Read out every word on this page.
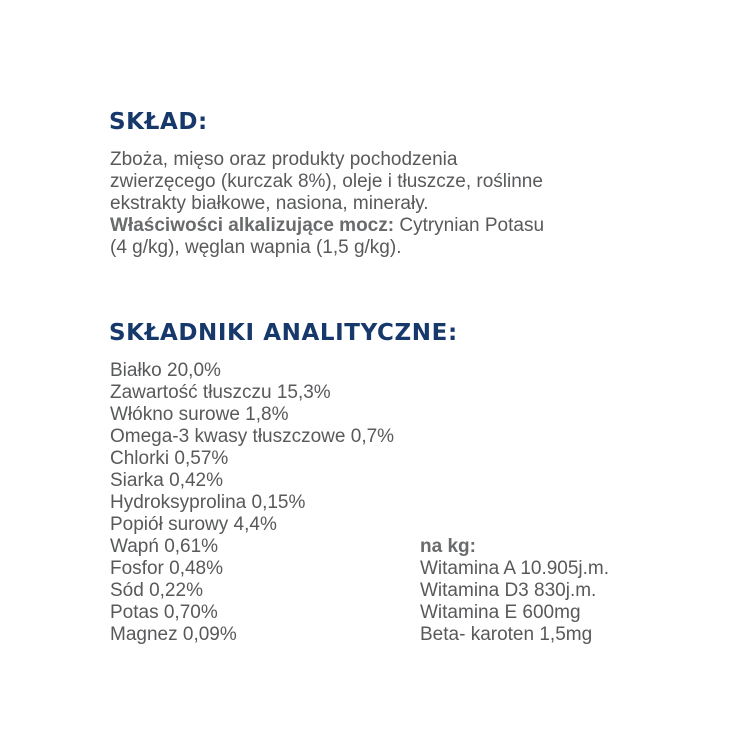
SKŁAD:
Zboża, mięso oraz produkty pochodzenia
zwierzęcego (kurczak 8%), oleje i tłuszcze, roślinne
ekstrakty białkowe, nasiona, minerały.
Właściwości alkalizujące mocz: Cytrynian Potasu
(4 g/kg), węglan wapnia (1,5 g/kg).
SKŁADNIKI ANALITYCZNE:
Białko 20,0%
Zawartość tłuszczu 15,3%
Włókno surowe 1,8%
Omega-3 kwasy tłuszczowe 0,7%
Chlorki 0,57%
Siarka 0,42%
Hydroksyprolina 0,15%
Popiół surowy 4,4%
Wapń 0,61%
Fosfor 0,48%
Sód 0,22%
Potas 0,70%
Magnez 0,09%
na kg:
Witamina A 10.905j.m.
Witamina D3 830j.m.
Witamina E 600mg
Beta- karoten 1,5mg
